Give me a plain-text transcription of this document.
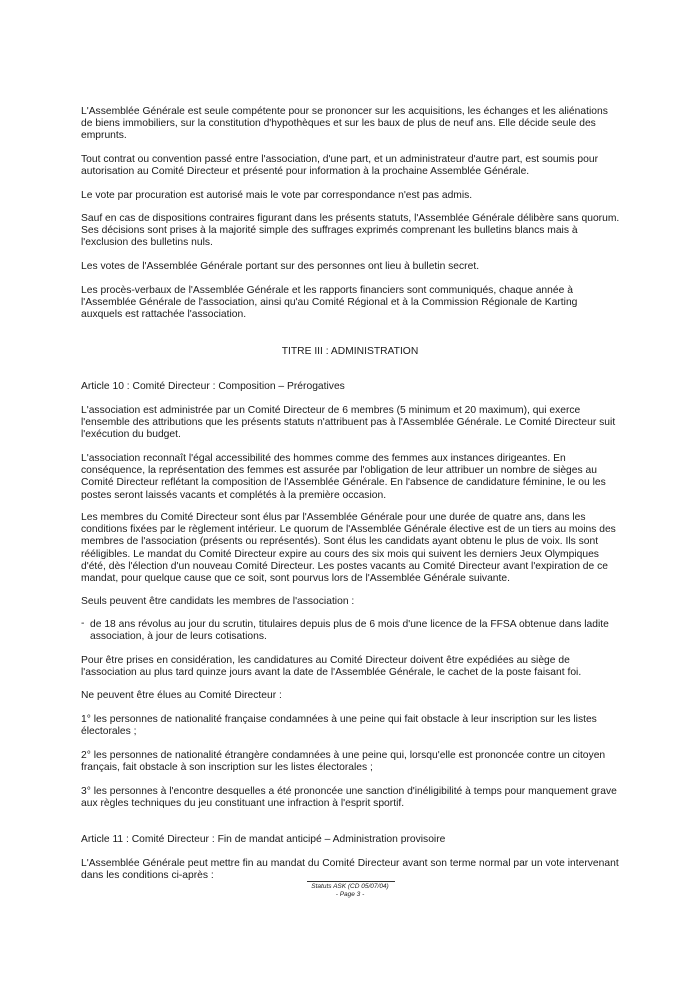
L'Assemblée Générale est seule compétente pour se prononcer sur les acquisitions, les échanges et les aliénations
de biens immobiliers, sur la constitution d'hypothèques et sur les baux de plus de neuf ans. Elle décide seule des
emprunts.
Tout contrat ou convention passé entre l'association, d'une part, et un administrateur d'autre part, est soumis pour
autorisation au Comité Directeur et présenté pour information à la prochaine Assemblée Générale.
Le vote par procuration est autorisé mais le vote par correspondance n'est pas admis.
Sauf en cas de dispositions contraires figurant dans les présents statuts, l'Assemblée Générale délibère sans quorum.
Ses décisions sont prises à la majorité simple des suffrages exprimés comprenant les bulletins blancs mais à
l'exclusion des bulletins nuls.
Les votes de l'Assemblée Générale portant sur des personnes ont lieu à bulletin secret.
Les procès-verbaux de l'Assemblée Générale et les rapports financiers sont communiqués, chaque année à
l'Assemblée Générale de l'association, ainsi qu'au Comité Régional et à la Commission Régionale de Karting
auxquels est rattachée l'association.
TITRE III : ADMINISTRATION
Article 10 : Comité Directeur : Composition – Prérogatives
L'association est administrée par un Comité Directeur de 6 membres (5 minimum et 20 maximum), qui exerce
l'ensemble des attributions que les présents statuts n'attribuent pas à l'Assemblée Générale. Le Comité Directeur suit
l'exécution du budget.
L'association reconnaît l'égal accessibilité des hommes comme des femmes aux instances dirigeantes. En
conséquence, la représentation des femmes est assurée par l'obligation de leur attribuer un nombre de sièges au
Comité Directeur reflétant la composition de l'Assemblée Générale. En l'absence de candidature féminine, le ou les
postes seront laissés vacants et complétés à la première occasion.
Les membres du Comité Directeur sont élus par l'Assemblée Générale pour une durée de quatre ans, dans les
conditions fixées par le règlement intérieur. Le quorum de l'Assemblée Générale élective est de un tiers au moins des
membres de l'association (présents ou représentés). Sont élus les candidats ayant obtenu le plus de voix. Ils sont
rééligibles. Le mandat du Comité Directeur expire au cours des six mois qui suivent les derniers Jeux Olympiques
d'été, dès l'élection d'un nouveau Comité Directeur. Les postes vacants au Comité Directeur avant l'expiration de ce
mandat, pour quelque cause que ce soit, sont pourvus lors de l'Assemblée Générale suivante.
Seuls peuvent être candidats les membres de l'association :
- de 18 ans révolus au jour du scrutin, titulaires depuis plus de 6 mois d'une licence de la FFSA obtenue dans ladite
association, à jour de leurs cotisations.
Pour être prises en considération, les candidatures au Comité Directeur doivent être expédiées au siège de
l'association au plus tard quinze jours avant la date de l'Assemblée Générale, le cachet de la poste faisant foi.
Ne peuvent être élues au Comité Directeur :
1° les personnes de nationalité française condamnées à une peine qui fait obstacle à leur inscription sur les listes
électorales ;
2° les personnes de nationalité étrangère condamnées à une peine qui, lorsqu'elle est prononcée contre un citoyen
français, fait obstacle à son inscription sur les listes électorales ;
3° les personnes à l'encontre desquelles a été prononcée une sanction d'inéligibilité à temps pour manquement grave
aux règles techniques du jeu constituant une infraction à l'esprit sportif.
Article 11 : Comité Directeur : Fin de mandat anticipé – Administration provisoire
L'Assemblée Générale peut mettre fin au mandat du Comité Directeur avant son terme normal par un vote intervenant
dans les conditions ci-après :
Statuts ASK (CD 05/07/04)
- Page 3 -
